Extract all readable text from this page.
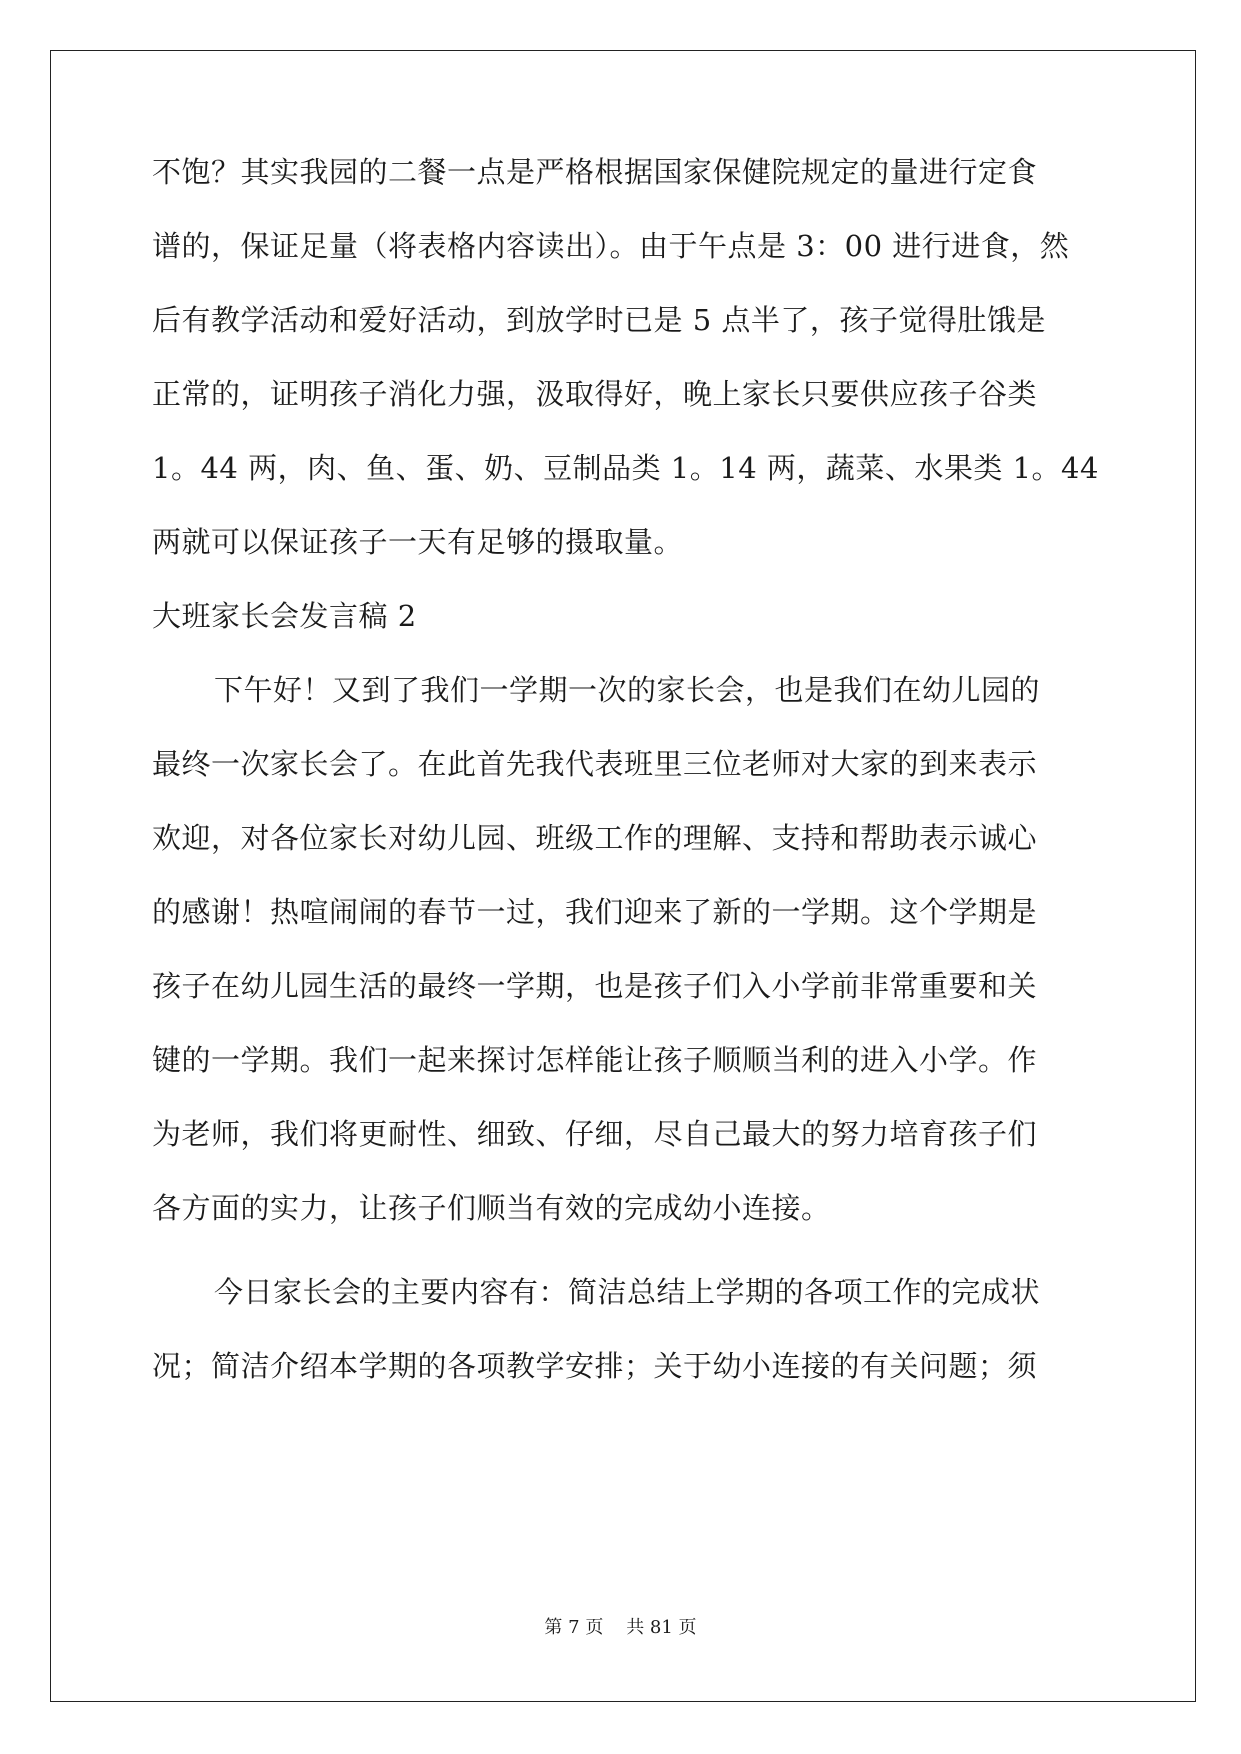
不饱？其实我园的二餐一点是严格根据国家保健院规定的量进行定食
谱的，保证足量（将表格内容读出）。由于午点是 3：00 进行进食，然
后有教学活动和爱好活动，到放学时已是 5 点半了，孩子觉得肚饿是
正常的，证明孩子消化力强，汲取得好，晚上家长只要供应孩子谷类
1。44 两，肉、鱼、蛋、奶、豆制品类 1。14 两，蔬菜、水果类 1。44
两就可以保证孩子一天有足够的摄取量。
大班家长会发言稿 2
下午好！又到了我们一学期一次的家长会，也是我们在幼儿园的
最终一次家长会了。在此首先我代表班里三位老师对大家的到来表示
欢迎，对各位家长对幼儿园、班级工作的理解、支持和帮助表示诚心
的感谢！热喧闹闹的春节一过，我们迎来了新的一学期。这个学期是
孩子在幼儿园生活的最终一学期，也是孩子们入小学前非常重要和关
键的一学期。我们一起来探讨怎样能让孩子顺顺当利的进入小学。作
为老师，我们将更耐性、细致、仔细，尽自己最大的努力培育孩子们
各方面的实力，让孩子们顺当有效的完成幼小连接。
今日家长会的主要内容有：简洁总结上学期的各项工作的完成状
况；简洁介绍本学期的各项教学安排；关于幼小连接的有关问题；须
第 7 页    共 81 页
